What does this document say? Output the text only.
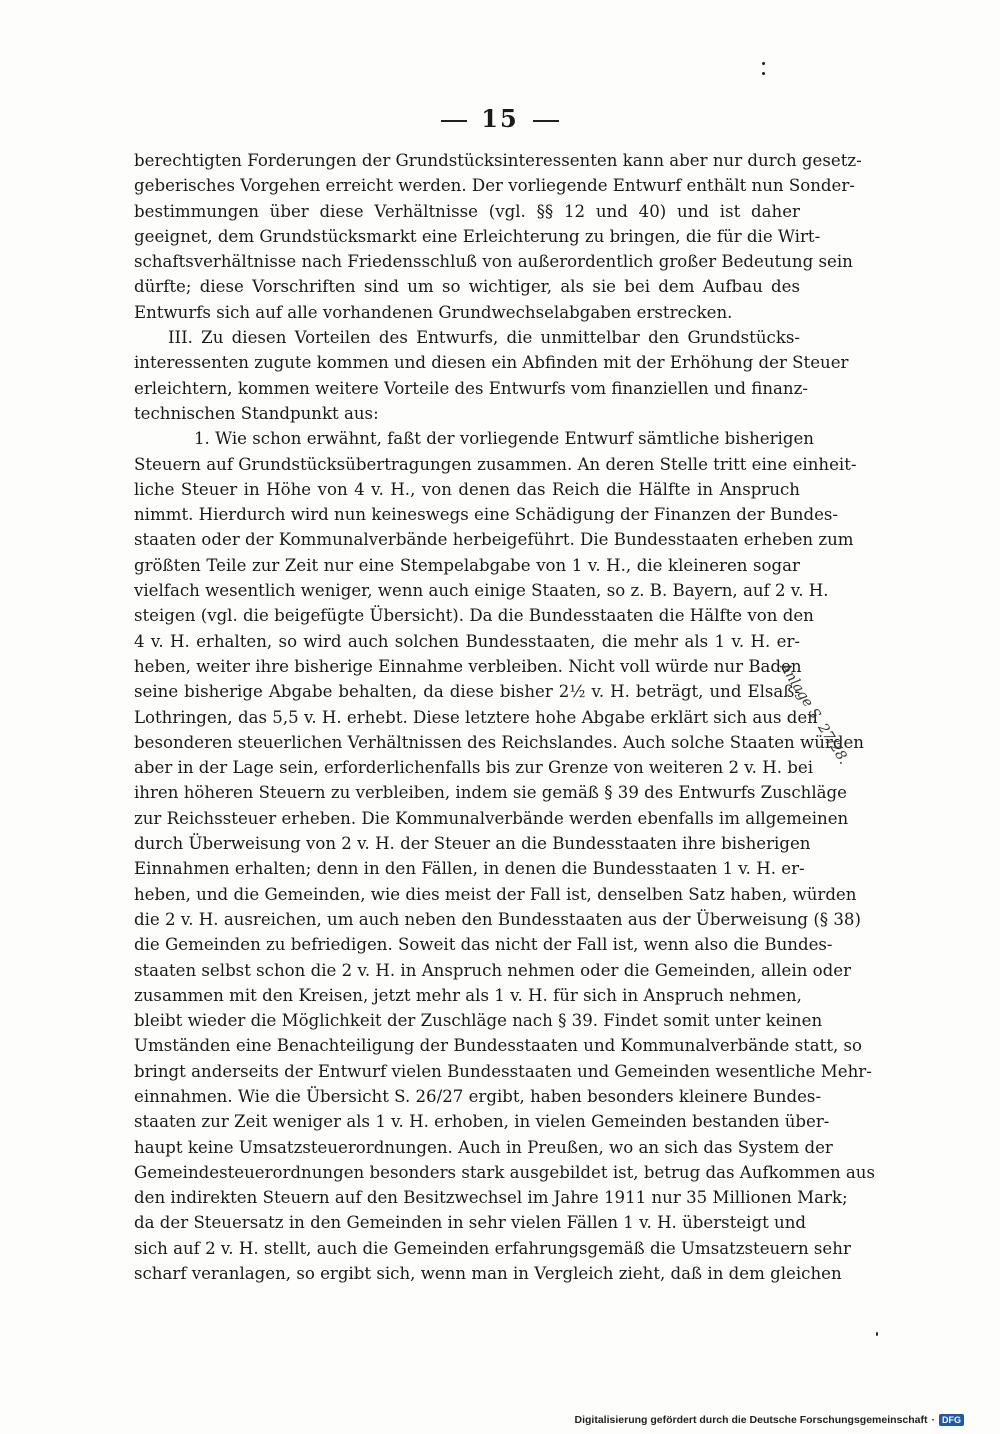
15
berechtigten Forderungen der Grundstücksinteressenten kann aber nur durch gesetz-
geberisches Vorgehen erreicht werden. Der vorliegende Entwurf enthält nun Sonder-
bestimmungen über diese Verhältnisse (vgl. §§ 12 und 40) und ist daher
geeignet, dem Grundstücksmarkt eine Erleichterung zu bringen, die für die Wirt-
schaftsverhältnisse nach Friedensschluß von außerordentlich großer Bedeutung sein
dürfte; diese Vorschriften sind um so wichtiger, als sie bei dem Aufbau des
Entwurfs sich auf alle vorhandenen Grundwechselabgaben erstrecken.
III. Zu diesen Vorteilen des Entwurfs, die unmittelbar den Grundstücks-
interessenten zugute kommen und diesen ein Abfinden mit der Erhöhung der Steuer
erleichtern, kommen weitere Vorteile des Entwurfs vom finanziellen und finanz-
technischen Standpunkt aus:
1. Wie schon erwähnt, faßt der vorliegende Entwurf sämtliche bisherigen
Steuern auf Grundstücksübertragungen zusammen. An deren Stelle tritt eine einheit-
liche Steuer in Höhe von 4 v. H., von denen das Reich die Hälfte in Anspruch
nimmt. Hierdurch wird nun keineswegs eine Schädigung der Finanzen der Bundes-
staaten oder der Kommunalverbände herbeigeführt. Die Bundesstaaten erheben zum
größten Teile zur Zeit nur eine Stempelabgabe von 1 v. H., die kleineren sogar
vielfach wesentlich weniger, wenn auch einige Staaten, so z. B. Bayern, auf 2 v. H.
steigen (vgl. die beigefügte Übersicht). Da die Bundesstaaten die Hälfte von den
4 v. H. erhalten, so wird auch solchen Bundesstaaten, die mehr als 1 v. H. er-
heben, weiter ihre bisherige Einnahme verbleiben. Nicht voll würde nur Baden
seine bisherige Abgabe behalten, da diese bisher 2½ v. H. beträgt, und Elsaß-
Lothringen, das 5,5 v. H. erhebt. Diese letztere hohe Abgabe erklärt sich aus den
besonderen steuerlichen Verhältnissen des Reichslandes. Auch solche Staaten würden
aber in der Lage sein, erforderlichenfalls bis zur Grenze von weiteren 2 v. H. bei
ihren höheren Steuern zu verbleiben, indem sie gemäß § 39 des Entwurfs Zuschläge
zur Reichssteuer erheben. Die Kommunalverbände werden ebenfalls im allgemeinen
durch Überweisung von 2 v. H. der Steuer an die Bundesstaaten ihre bisherigen
Einnahmen erhalten; denn in den Fällen, in denen die Bundesstaaten 1 v. H. er-
heben, und die Gemeinden, wie dies meist der Fall ist, denselben Satz haben, würden
die 2 v. H. ausreichen, um auch neben den Bundesstaaten aus der Überweisung (§ 38)
die Gemeinden zu befriedigen. Soweit das nicht der Fall ist, wenn also die Bundes-
staaten selbst schon die 2 v. H. in Anspruch nehmen oder die Gemeinden, allein oder
zusammen mit den Kreisen, jetzt mehr als 1 v. H. für sich in Anspruch nehmen,
bleibt wieder die Möglichkeit der Zuschläge nach § 39. Findet somit unter keinen
Umständen eine Benachteiligung der Bundesstaaten und Kommunalverbände statt, so
bringt anderseits der Entwurf vielen Bundesstaaten und Gemeinden wesentliche Mehr-
einnahmen. Wie die Übersicht S. 26/27 ergibt, haben besonders kleinere Bundes-
staaten zur Zeit weniger als 1 v. H. erhoben, in vielen Gemeinden bestanden über-
haupt keine Umsatzsteuerordnungen. Auch in Preußen, wo an sich das System der
Gemeindesteuerordnungen besonders stark ausgebildet ist, betrug das Aufkommen aus
den indirekten Steuern auf den Besitzwechsel im Jahre 1911 nur 35 Millionen Mark;
da der Steuersatz in den Gemeinden in sehr vielen Fällen 1 v. H. übersteigt und
sich auf 2 v. H. stellt, auch die Gemeinden erfahrungsgemäß die Umsatzsteuern sehr
scharf veranlagen, so ergibt sich, wenn man in Vergleich zieht, daß in dem gleichen
Anlage S. 27/28.
Digitalisierung gefördert durch die Deutsche Forschungsgemeinschaft · DFG
